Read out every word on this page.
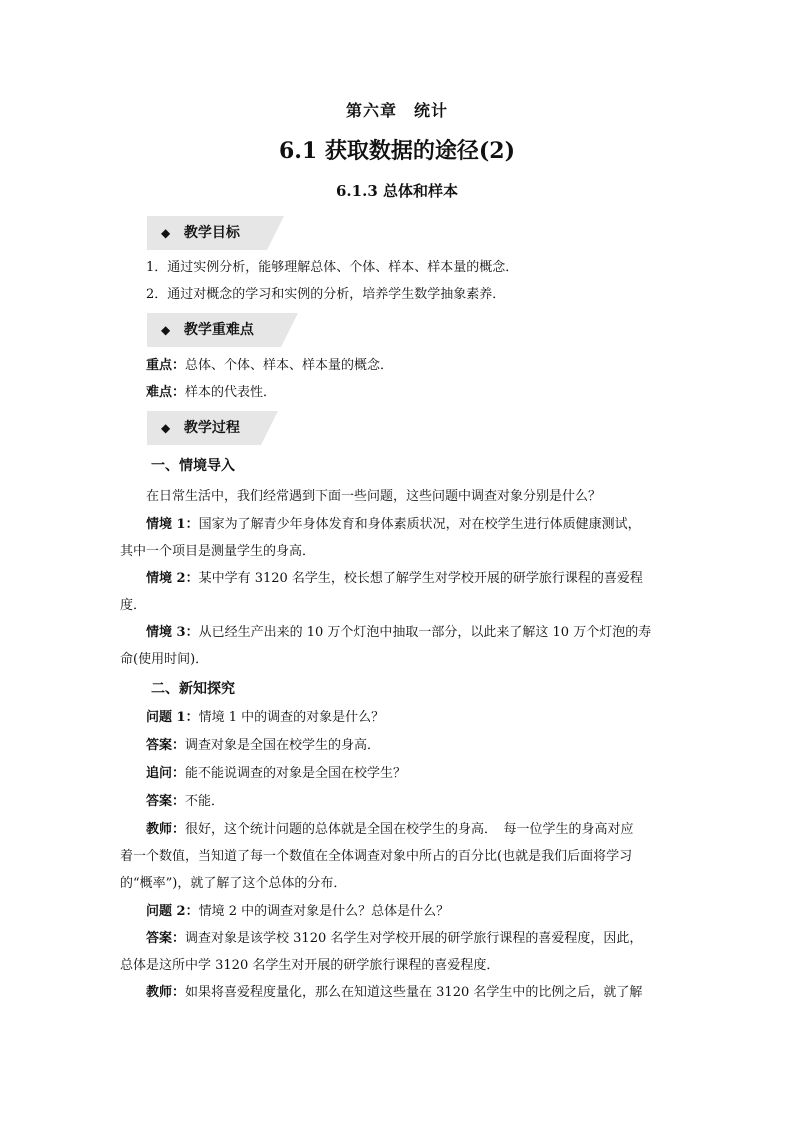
第六章　统计
6.1 获取数据的途径(2)
6.1.3 总体和样本
◆ 教学目标
1．通过实例分析，能够理解总体、个体、样本、样本量的概念．
2．通过对概念的学习和实例的分析，培养学生数学抽象素养．
◆ 教学重难点
重点：总体、个体、样本、样本量的概念．
难点：样本的代表性．
◆ 教学过程
一、情境导入
在日常生活中，我们经常遇到下面一些问题，这些问题中调查对象分别是什么？
情境 1：国家为了解青少年身体发育和身体素质状况，对在校学生进行体质健康测试，
其中一个项目是测量学生的身高．
情境 2：某中学有 3120 名学生，校长想了解学生对学校开展的研学旅行课程的喜爱程
度．
情境 3：从已经生产出来的 10 万个灯泡中抽取一部分，以此来了解这 10 万个灯泡的寿
命(使用时间)．
二、新知探究
问题 1：情境 1 中的调查的对象是什么？
答案：调查对象是全国在校学生的身高．
追问：能不能说调查的对象是全国在校学生？
答案：不能．
教师：很好，这个统计问题的总体就是全国在校学生的身高．　每一位学生的身高对应
着一个数值，当知道了每一个数值在全体调查对象中所占的百分比(也就是我们后面将学习
的“概率”)，就了解了这个总体的分布．
问题 2：情境 2 中的调查对象是什么？总体是什么？
答案：调查对象是该学校 3120 名学生对学校开展的研学旅行课程的喜爱程度，因此，
总体是这所中学 3120 名学生对开展的研学旅行课程的喜爱程度．
教师：如果将喜爱程度量化，那么在知道这些量在 3120 名学生中的比例之后，就了解
